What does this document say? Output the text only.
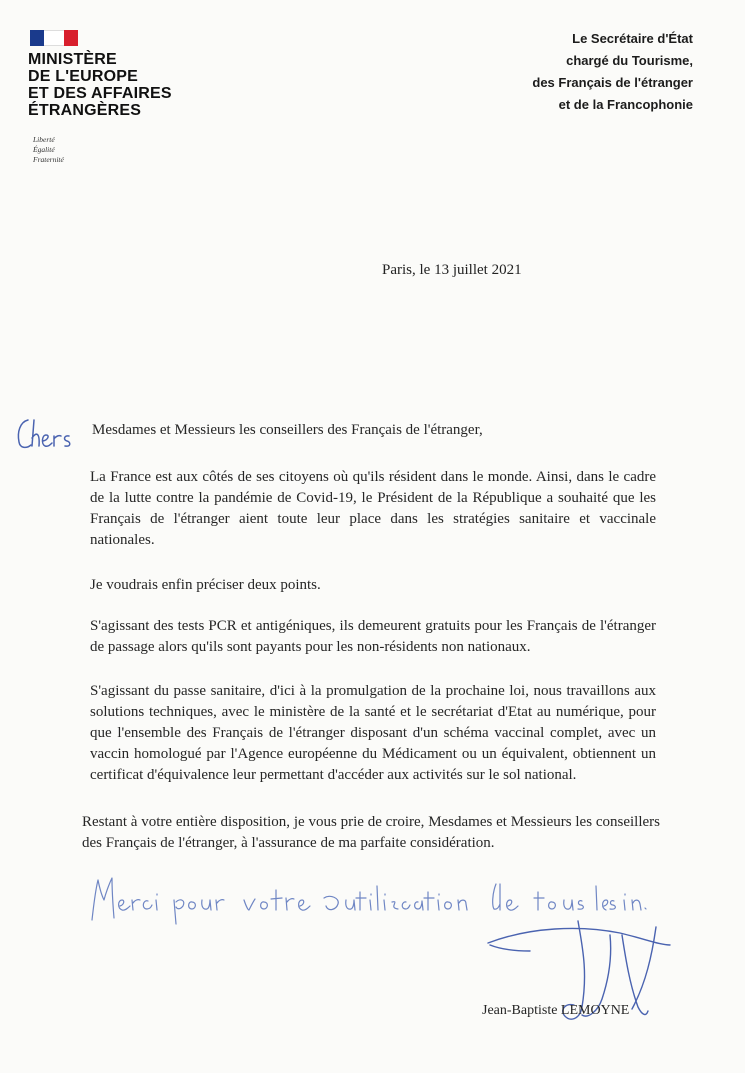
MINISTÈRE
DE L'EUROPE
ET DES AFFAIRES
ÉTRANGÈRES
Liberté
Égalité
Fraternité
Le Secrétaire d'État
chargé du Tourisme,
des Français de l'étranger
et de la Francophonie
Paris, le 13 juillet 2021
Mesdames et Messieurs les conseillers des Français de l'étranger,
La France est aux côtés de ses citoyens où qu'ils résident dans le monde. Ainsi, dans le cadre de la lutte contre la pandémie de Covid-19, le Président de la République a souhaité que les Français de l'étranger aient toute leur place dans les stratégies sanitaire et vaccinale nationales.
Je voudrais enfin préciser deux points.
S'agissant des tests PCR et antigéniques, ils demeurent gratuits pour les Français de l'étranger de passage alors qu'ils sont payants pour les non-résidents non nationaux.
S'agissant du passe sanitaire, d'ici à la promulgation de la prochaine loi, nous travaillons aux solutions techniques, avec le ministère de la santé et le secrétariat d'Etat au numérique, pour que l'ensemble des Français de l'étranger disposant d'un schéma vaccinal complet, avec un vaccin homologué par l'Agence européenne du Médicament ou un équivalent, obtiennent un certificat d'équivalence leur permettant d'accéder aux activités sur le sol national.
Restant à votre entière disposition, je vous prie de croire, Mesdames et Messieurs les conseillers des Français de l'étranger, à l'assurance de ma parfaite considération.
Jean-Baptiste LEMOYNE
